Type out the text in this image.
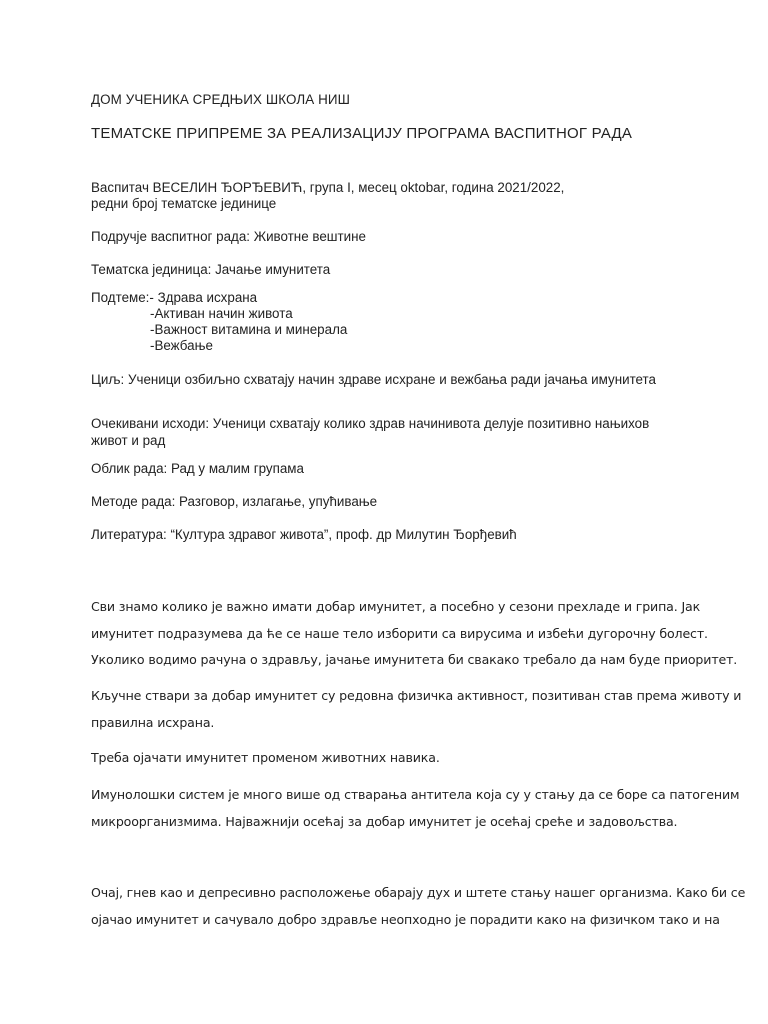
ДОМ УЧЕНИКА СРЕДЊИХ ШКОЛА НИШ
ТЕМАТСКЕ ПРИПРЕМЕ ЗА РЕАЛИЗАЦИЈУ ПРОГРАМА ВАСПИТНОГ РАДА
Васпитач ВЕСЕЛИН ЂОРЂЕВИЋ, група I, месец oktobar, година 2021/2022,
редни број тематске јединице
Подручје васпитног рада: Животне вештине
Тематска јединица: Јачање имунитета
Подтеме:- Здрава исхрана
-Активан начин живота
-Важност витамина и минерала
-Вежбање
Циљ: Ученици озбиљно схватају начин здраве исхране и вежбања ради јачања имунитета
Очекивани исходи: Ученици схватају колико здрав начинивота делује позитивно нањихов
живот и рад
Облик рада: Рад у малим групама
Методе рада: Разговор, излагање, упућивање
Литература: “Култура здравог живота”, проф. др Милутин Ђорђевић
Сви знамо колико је важно имати добар имунитет, а посебно у сезони прехладе и грипа. Јак
имунитет подразумева да ће се наше тело изборити са вирусима и избећи дугорочну болест.
Уколико водимо рачуна о здрављу, јачање имунитета би свакако требало да нам буде приоритет.
Кључне ствари за добар имунитет су редовна физичка активност, позитиван став према животу и
правилна исхрана.
Треба ојачати имунитет променом животних навика.
Имунолошки систем је много више од стварања антитела која су у стању да се боре са патогеним
микроорганизмима. Најважнији осећај за добар имунитет је осећај среће и задовољства.
Очај, гнев као и депресивно расположење обарају дух и штете стању нашег организма. Како би се
ојачао имунитет и сачувало добро здравље неопходно је порадити како на физичком тако и на
